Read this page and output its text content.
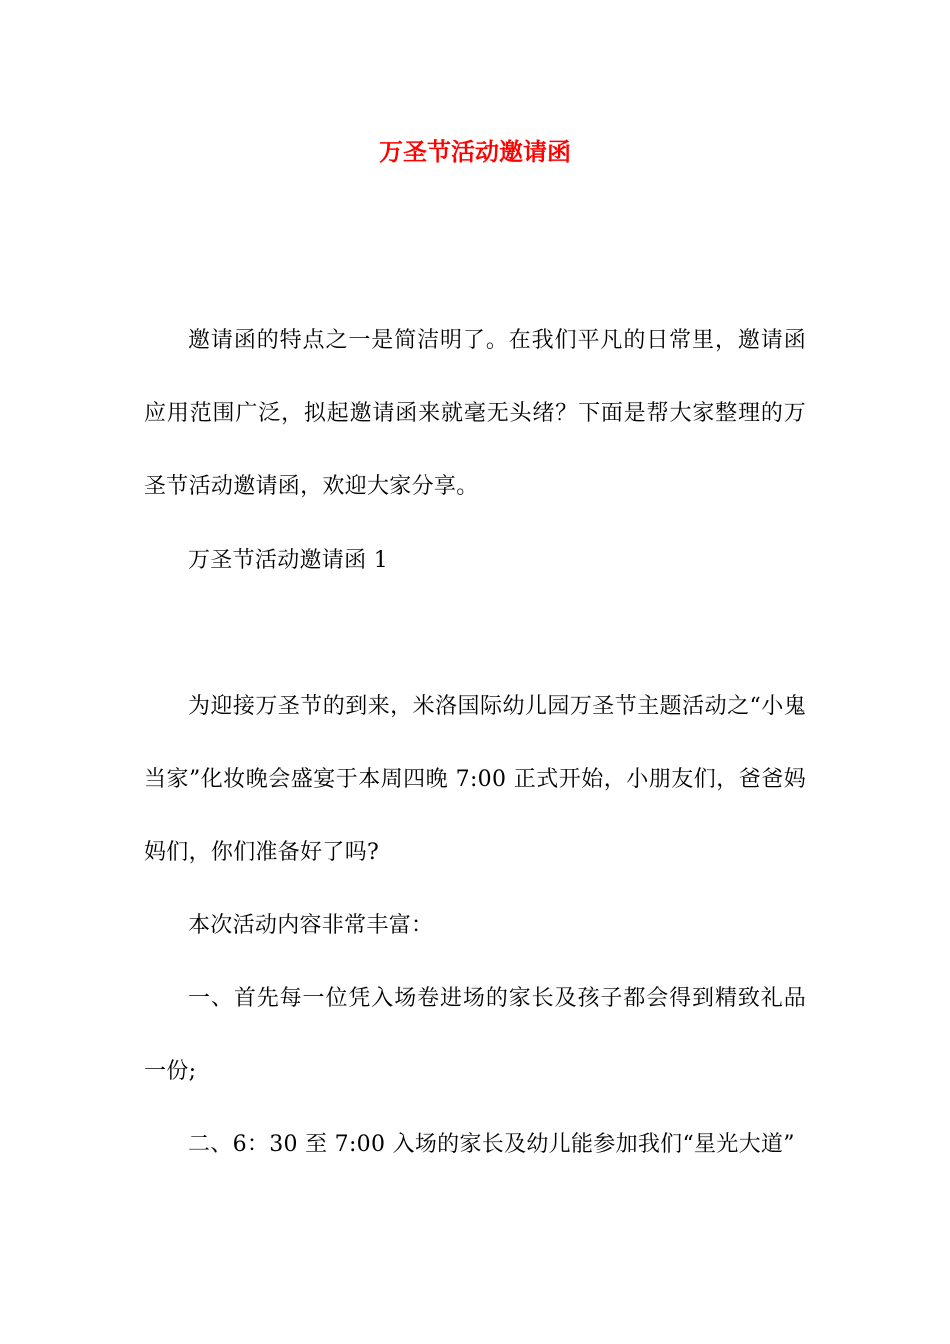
万圣节活动邀请函

邀请函的特点之一是简洁明了。在我们平凡的日常里，邀请函应用范围广泛，拟起邀请函来就毫无头绪？下面是帮大家整理的万圣节活动邀请函，欢迎大家分享。

万圣节活动邀请函 1

为迎接万圣节的到来，米洛国际幼儿园万圣节主题活动之“小鬼当家”化妆晚会盛宴于本周四晚 7:00 正式开始，小朋友们，爸爸妈妈们，你们准备好了吗?

本次活动内容非常丰富：

一、首先每一位凭入场卷进场的家长及孩子都会得到精致礼品一份;

二、6：30 至 7:00 入场的家长及幼儿能参加我们“星光大道”
